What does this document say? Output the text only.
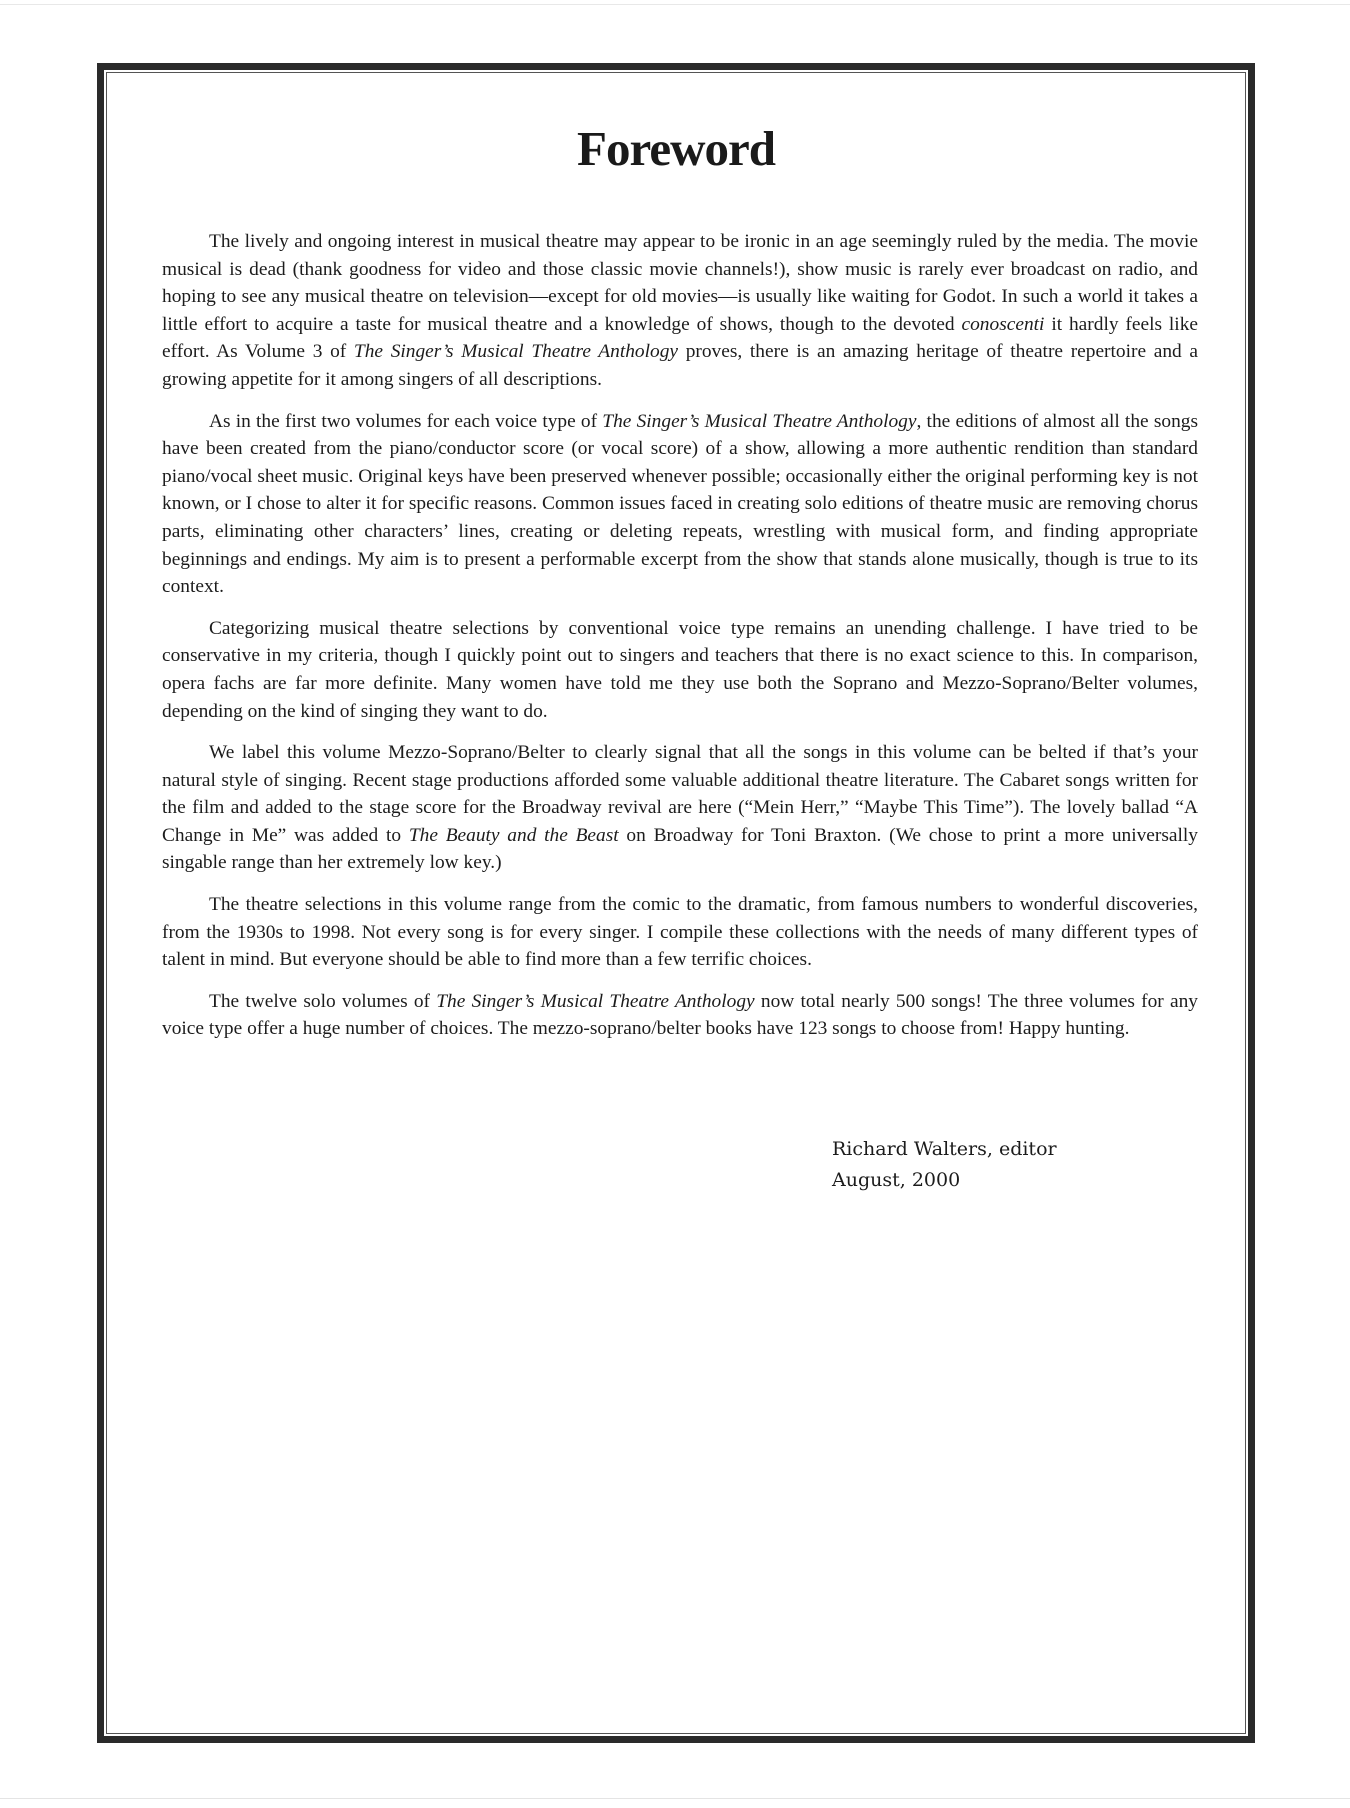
Foreword

The lively and ongoing interest in musical theatre may appear to be ironic in an age seemingly ruled by the media. The movie musical is dead (thank goodness for video and those classic movie channels!), show music is rarely ever broadcast on radio, and hoping to see any musical theatre on television—except for old movies—is usually like waiting for Godot. In such a world it takes a little effort to acquire a taste for musical theatre and a knowledge of shows, though to the devoted conoscenti it hardly feels like effort. As Volume 3 of The Singer’s Musical Theatre Anthology proves, there is an amazing heritage of theatre repertoire and a growing appetite for it among singers of all descriptions.

As in the first two volumes for each voice type of The Singer’s Musical Theatre Anthology, the editions of almost all the songs have been created from the piano/conductor score (or vocal score) of a show, allowing a more authentic rendition than standard piano/vocal sheet music. Original keys have been preserved whenever possible; occasionally either the original performing key is not known, or I chose to alter it for specific reasons. Common issues faced in creating solo editions of theatre music are removing chorus parts, eliminating other characters’ lines, creating or deleting repeats, wrestling with musical form, and finding appropriate beginnings and endings. My aim is to present a performable excerpt from the show that stands alone musically, though is true to its context.

Categorizing musical theatre selections by conventional voice type remains an unending challenge. I have tried to be conservative in my criteria, though I quickly point out to singers and teachers that there is no exact science to this. In comparison, opera fachs are far more definite. Many women have told me they use both the Soprano and Mezzo-Soprano/Belter volumes, depending on the kind of singing they want to do.

We label this volume Mezzo-Soprano/Belter to clearly signal that all the songs in this volume can be belted if that’s your natural style of singing. Recent stage productions afforded some valuable additional theatre literature. The Cabaret songs written for the film and added to the stage score for the Broadway revival are here (“Mein Herr,” “Maybe This Time”). The lovely ballad “A Change in Me” was added to The Beauty and the Beast on Broadway for Toni Braxton. (We chose to print a more universally singable range than her extremely low key.)

The theatre selections in this volume range from the comic to the dramatic, from famous numbers to wonderful discoveries, from the 1930s to 1998. Not every song is for every singer. I compile these collections with the needs of many different types of talent in mind. But everyone should be able to find more than a few terrific choices.

The twelve solo volumes of The Singer’s Musical Theatre Anthology now total nearly 500 songs! The three volumes for any voice type offer a huge number of choices. The mezzo-soprano/belter books have 123 songs to choose from! Happy hunting.

Richard Walters, editor
August, 2000
